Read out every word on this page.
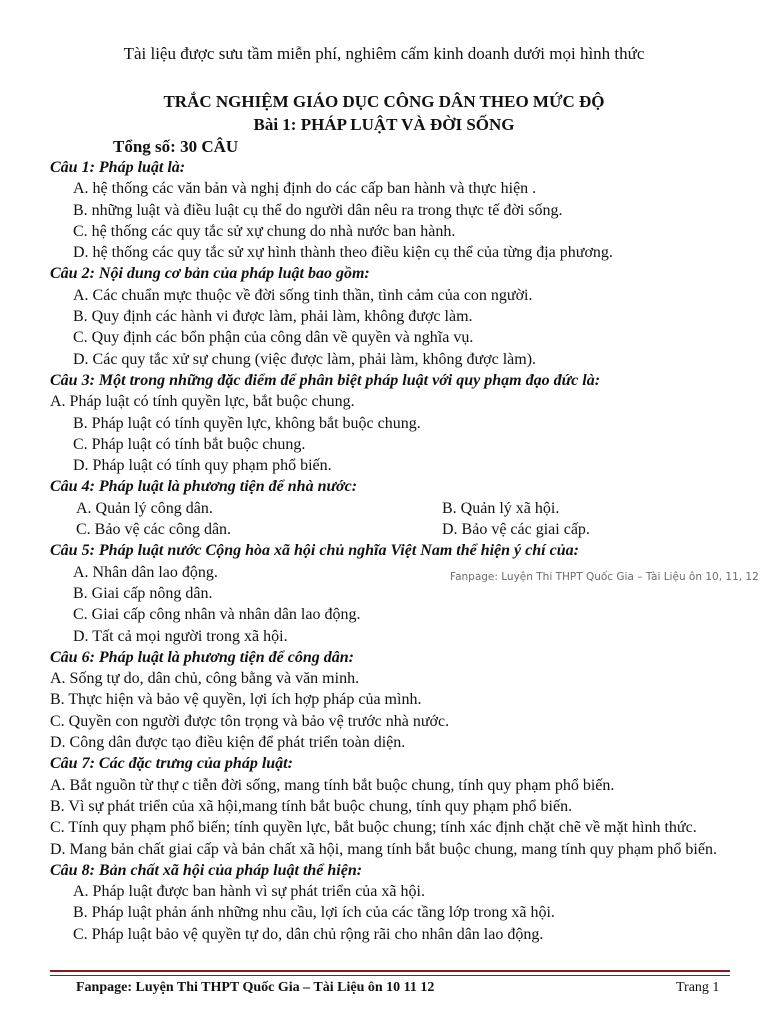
Tài liệu được sưu tầm miễn phí, nghiêm cấm kinh doanh dưới mọi hình thức
TRẮC NGHIỆM GIÁO DỤC CÔNG DÂN THEO MỨC ĐỘ
Bài 1: PHÁP LUẬT VÀ ĐỜI SỐNG
Tổng số: 30 CÂU
Câu 1: Pháp luật là:
A. hệ thống các văn bản và nghị định do các cấp ban hành và thực hiện .
B. những luật và điều luật cụ thể do người dân nêu ra trong thực tế đời sống.
C. hệ thống các quy tắc sử xự chung do nhà nước ban hành.
D. hệ thống các quy tắc sử xự hình thành theo điều kiện cụ thể của từng địa phương.
Câu 2: Nội dung cơ bản của pháp luật bao gồm:
A. Các chuẩn mực thuộc về đời sống tinh thần, tình cảm của con người.
B. Quy định các hành vi được làm, phải làm, không được làm.
C. Quy định các bổn phận của công dân về quyền và nghĩa vụ.
D. Các quy tắc xử sự chung (việc được làm, phải làm, không được làm).
Câu 3: Một trong những đặc điểm để phân biệt pháp luật với quy phạm đạo đức là:
A. Pháp luật có tính quyền lực, bắt buộc chung.
B. Pháp luật có tính quyền lực, không bắt buộc chung.
C. Pháp luật có tính bắt buộc chung.
D. Pháp luật có tính quy phạm phổ biến.
Câu 4: Pháp luật là phương tiện để nhà nước:
A. Quản lý công dân.	B. Quản lý xã hội.
C. Bảo vệ các công dân.	D. Bảo vệ các giai cấp.
Câu 5: Pháp luật nước Cộng hòa xã hội chủ nghĩa Việt Nam thể hiện ý chí của:
A. Nhân dân lao động.
B. Giai cấp nông dân.
C. Giai cấp công nhân và nhân dân lao động.
D. Tất cả mọi người trong xã hội.
Câu 6: Pháp luật là phương tiện để công dân:
A. Sống tự do, dân chủ, công bằng và văn minh.
B. Thực hiện và bảo vệ quyền, lợi ích hợp pháp của mình.
C. Quyền con người được tôn trọng và bảo vệ trước nhà nước.
D. Công dân được tạo điều kiện để phát triển toàn diện.
Câu 7: Các đặc trưng của pháp luật:
A. Bắt nguồn từ thự c tiễn đời sống, mang tính bắt buộc chung, tính quy phạm phổ biến.
B. Vì sự phát triển của xã hội,mang tính bắt buộc chung, tính quy phạm phổ biến.
C. Tính quy phạm phổ biến; tính quyền lực, bắt buộc chung; tính xác định chặt chẽ về mặt hình thức.
D. Mang bản chất giai cấp và bản chất xã hội, mang tính bắt buộc chung, mang tính quy phạm phổ biến.
Câu 8: Bản chất xã hội của pháp luật thể hiện:
A. Pháp luật được ban hành vì sự phát triển của xã hội.
B. Pháp luật phản ánh những nhu cầu, lợi ích của các tầng lớp trong xã hội.
C. Pháp luật bảo vệ quyền tự do, dân chủ rộng rãi cho nhân dân lao động.
Fanpage: Luyện Thi THPT Quốc Gia – Tài Liệu ôn 10, 11, 12
Fanpage: Luyện Thi THPT Quốc Gia – Tài Liệu ôn 10 11 12	Trang 1
